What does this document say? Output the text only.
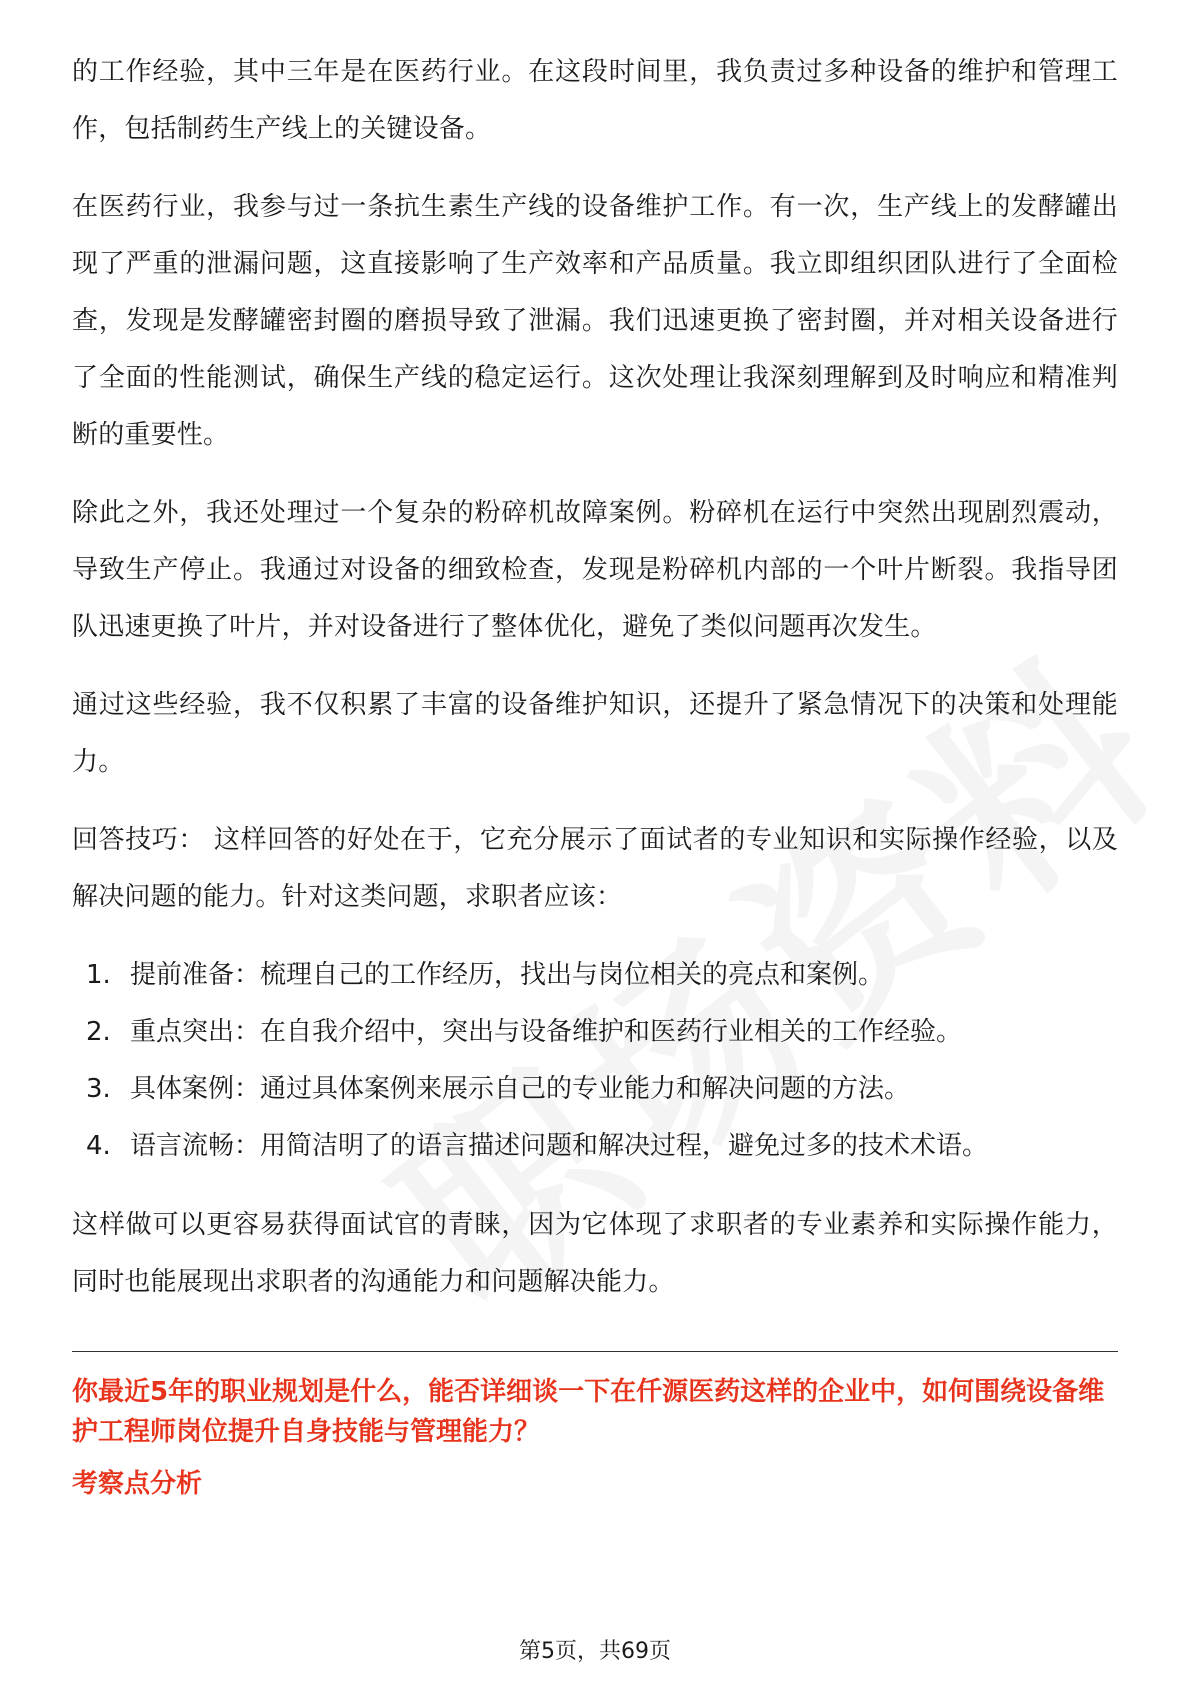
的工作经验，其中三年是在医药行业。在这段时间里，我负责过多种设备的维护和管理工作，包括制药生产线上的关键设备。

在医药行业，我参与过一条抗生素生产线的设备维护工作。有一次，生产线上的发酵罐出现了严重的泄漏问题，这直接影响了生产效率和产品质量。我立即组织团队进行了全面检查，发现是发酵罐密封圈的磨损导致了泄漏。我们迅速更换了密封圈，并对相关设备进行了全面的性能测试，确保生产线的稳定运行。这次处理让我深刻理解到及时响应和精准判断的重要性。

除此之外，我还处理过一个复杂的粉碎机故障案例。粉碎机在运行中突然出现剧烈震动，导致生产停止。我通过对设备的细致检查，发现是粉碎机内部的一个叶片断裂。我指导团队迅速更换了叶片，并对设备进行了整体优化，避免了类似问题再次发生。

通过这些经验，我不仅积累了丰富的设备维护知识，还提升了紧急情况下的决策和处理能力。

回答技巧： 这样回答的好处在于，它充分展示了面试者的专业知识和实际操作经验，以及解决问题的能力。针对这类问题，求职者应该：

1. 提前准备：梳理自己的工作经历，找出与岗位相关的亮点和案例。
2. 重点突出：在自我介绍中，突出与设备维护和医药行业相关的工作经验。
3. 具体案例：通过具体案例来展示自己的专业能力和解决问题的方法。
4. 语言流畅：用简洁明了的语言描述问题和解决过程，避免过多的技术术语。

这样做可以更容易获得面试官的青睐，因为它体现了求职者的专业素养和实际操作能力，同时也能展现出求职者的沟通能力和问题解决能力。

你最近5年的职业规划是什么，能否详细谈一下在仟源医药这样的企业中，如何围绕设备维护工程师岗位提升自身技能与管理能力？
考察点分析
第5页，共69页
